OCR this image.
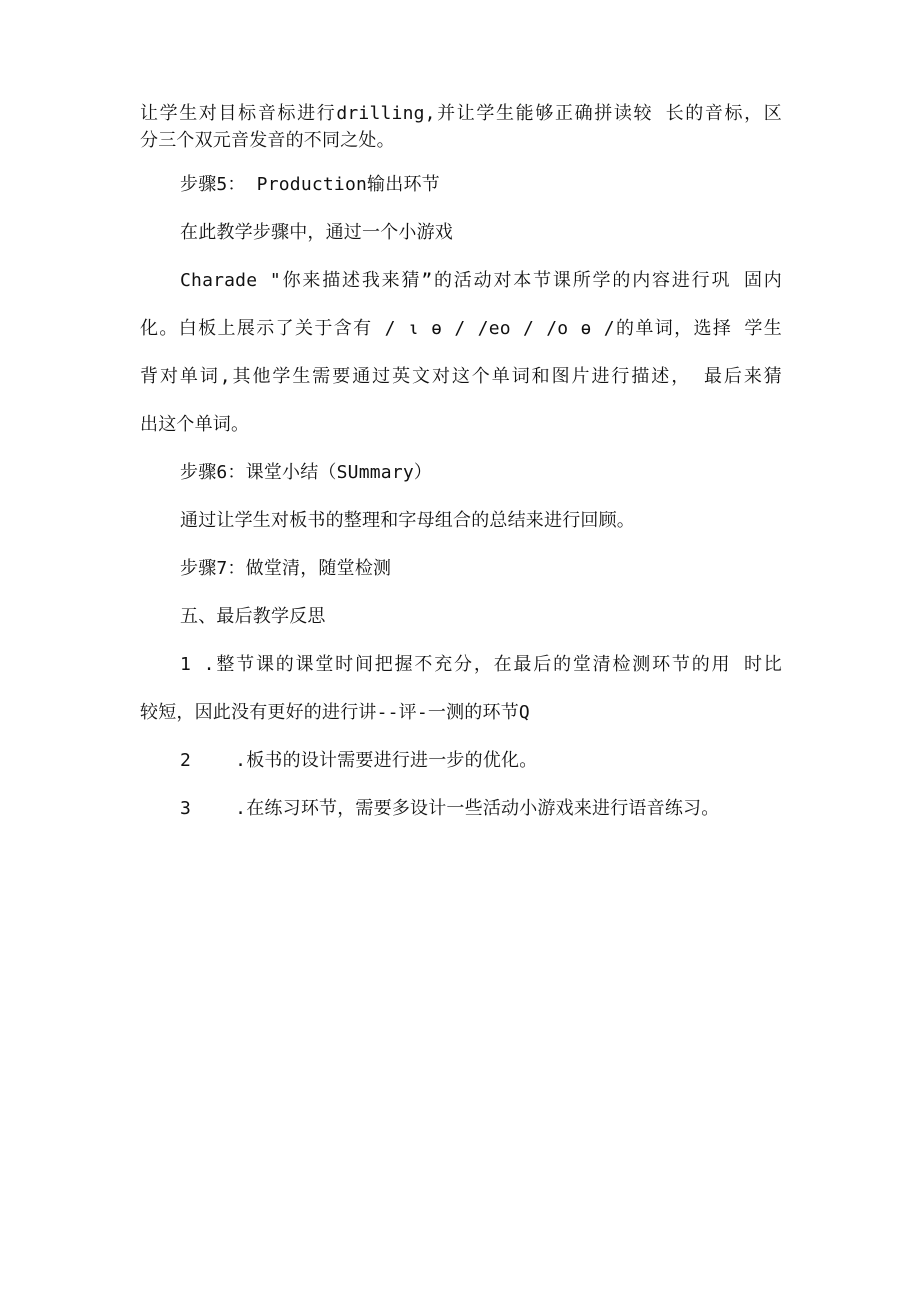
让学生对目标音标进行drilling,并让学生能够正确拼读较 长的音标，区
分三个双元音发音的不同之处。
步骤5： Production输出环节
在此教学步骤中，通过一个小游戏
Charade "你来描述我来猜”的活动对本节课所学的内容进行巩 固内
化。白板上展示了关于含有 / ι ɵ / /eo / /o ɵ /的单词，选择 学生
背对单词,其他学生需要通过英文对这个单词和图片进行描述， 最后来猜
出这个单词。
步骤6：课堂小结（SUmmary）
通过让学生对板书的整理和字母组合的总结来进行回顾。
步骤7：做堂清，随堂检测
五、最后教学反思
1 .整节课的课堂时间把握不充分，在最后的堂清检测环节的用 时比
较短，因此没有更好的进行讲--评-一测的环节Q
2    .板书的设计需要进行进一步的优化。
3    .在练习环节，需要多设计一些活动小游戏来进行语音练习。
